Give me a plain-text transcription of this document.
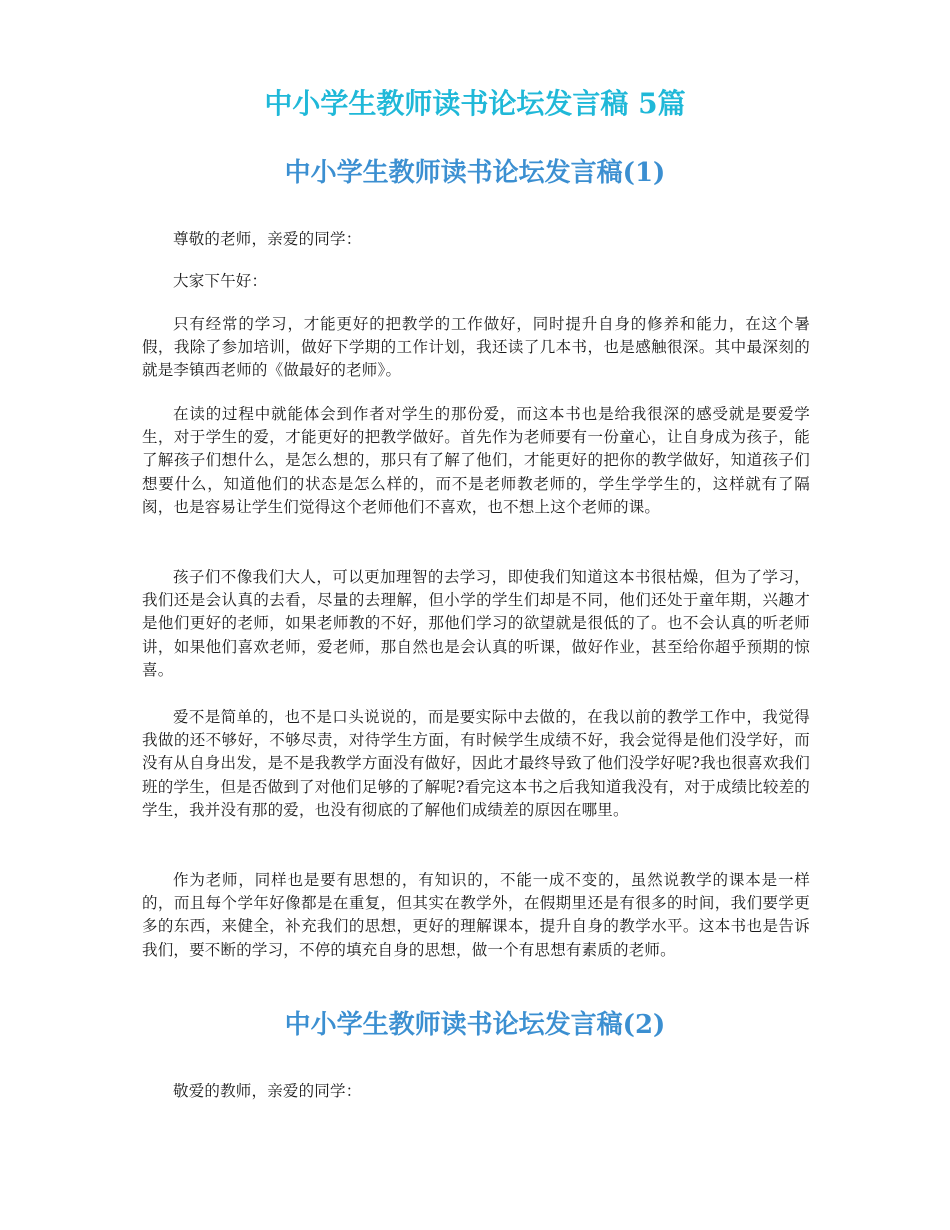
中小学生教师读书论坛发言稿 5篇
中小学生教师读书论坛发言稿(1)

尊敬的老师，亲爱的同学：

大家下午好：

只有经常的学习，才能更好的把教学的工作做好，同时提升自身的修养和能力，在这个暑假，我除了参加培训，做好下学期的工作计划，我还读了几本书，也是感触很深。其中最深刻的就是李镇西老师的《做最好的老师》。

在读的过程中就能体会到作者对学生的那份爱，而这本书也是给我很深的感受就是要爱学生，对于学生的爱，才能更好的把教学做好。首先作为老师要有一份童心，让自身成为孩子，能了解孩子们想什么，是怎么想的，那只有了解了他们，才能更好的把你的教学做好，知道孩子们想要什么，知道他们的状态是怎么样的，而不是老师教老师的，学生学学生的，这样就有了隔阂，也是容易让学生们觉得这个老师他们不喜欢，也不想上这个老师的课。

孩子们不像我们大人，可以更加理智的去学习，即使我们知道这本书很枯燥，但为了学习，我们还是会认真的去看，尽量的去理解，但小学的学生们却是不同，他们还处于童年期，兴趣才是他们更好的老师，如果老师教的不好，那他们学习的欲望就是很低的了。也不会认真的听老师讲，如果他们喜欢老师，爱老师，那自然也是会认真的听课，做好作业，甚至给你超乎预期的惊喜。

爱不是简单的，也不是口头说说的，而是要实际中去做的，在我以前的教学工作中，我觉得我做的还不够好，不够尽责，对待学生方面，有时候学生成绩不好，我会觉得是他们没学好，而没有从自身出发，是不是我教学方面没有做好，因此才最终导致了他们没学好呢?我也很喜欢我们班的学生，但是否做到了对他们足够的了解呢?看完这本书之后我知道我没有，对于成绩比较差的学生，我并没有那的爱，也没有彻底的了解他们成绩差的原因在哪里。

作为老师，同样也是要有思想的，有知识的，不能一成不变的，虽然说教学的课本是一样的，而且每个学年好像都是在重复，但其实在教学外，在假期里还是有很多的时间，我们要学更多的东西，来健全，补充我们的思想，更好的理解课本，提升自身的教学水平。这本书也是告诉我们，要不断的学习，不停的填充自身的思想，做一个有思想有素质的老师。

中小学生教师读书论坛发言稿(2)

敬爱的教师，亲爱的同学：
